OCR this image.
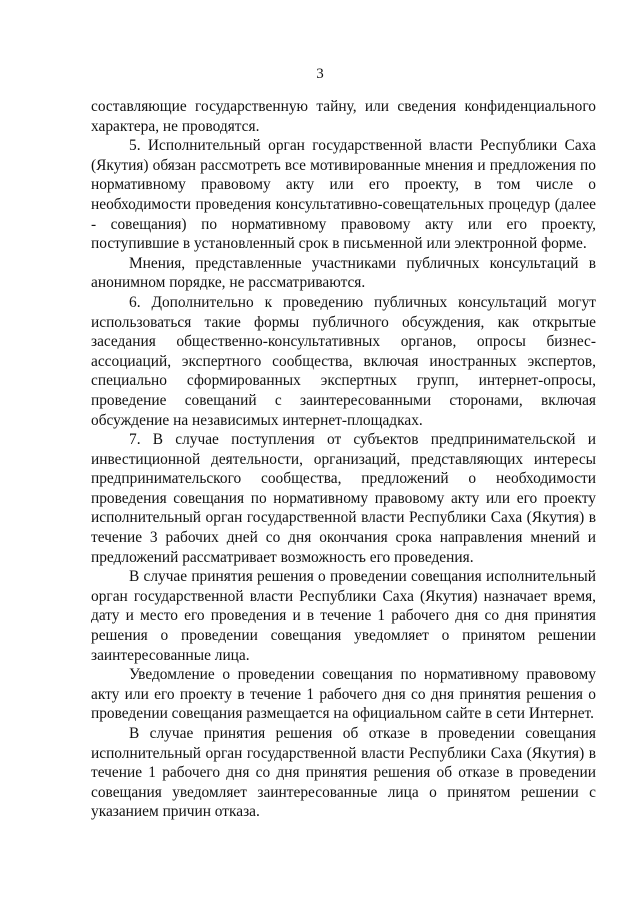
3

составляющие государственную тайну, или сведения конфиденциального характера, не проводятся.

5. Исполнительный орган государственной власти Республики Саха (Якутия) обязан рассмотреть все мотивированные мнения и предложения по нормативному правовому акту или его проекту, в том числе о необходимости проведения консультативно-совещательных процедур (далее - совещания) по нормативному правовому акту или его проекту, поступившие в установленный срок в письменной или электронной форме.

Мнения, представленные участниками публичных консультаций в анонимном порядке, не рассматриваются.

6. Дополнительно к проведению публичных консультаций могут использоваться такие формы публичного обсуждения, как открытые заседания общественно-консультативных органов, опросы бизнес-ассоциаций, экспертного сообщества, включая иностранных экспертов, специально сформированных экспертных групп, интернет-опросы, проведение совещаний с заинтересованными сторонами, включая обсуждение на независимых интернет-площадках.

7. В случае поступления от субъектов предпринимательской и инвестиционной деятельности, организаций, представляющих интересы предпринимательского сообщества, предложений о необходимости проведения совещания по нормативному правовому акту или его проекту исполнительный орган государственной власти Республики Саха (Якутия) в течение 3 рабочих дней со дня окончания срока направления мнений и предложений рассматривает возможность его проведения.

В случае принятия решения о проведении совещания исполнительный орган государственной власти Республики Саха (Якутия) назначает время, дату и место его проведения и в течение 1 рабочего дня со дня принятия решения о проведении совещания уведомляет о принятом решении заинтересованные лица.

Уведомление о проведении совещания по нормативному правовому акту или его проекту в течение 1 рабочего дня со дня принятия решения о проведении совещания размещается на официальном сайте в сети Интернет.

В случае принятия решения об отказе в проведении совещания исполнительный орган государственной власти Республики Саха (Якутия) в течение 1 рабочего дня со дня принятия решения об отказе в проведении совещания уведомляет заинтересованные лица о принятом решении с указанием причин отказа.
